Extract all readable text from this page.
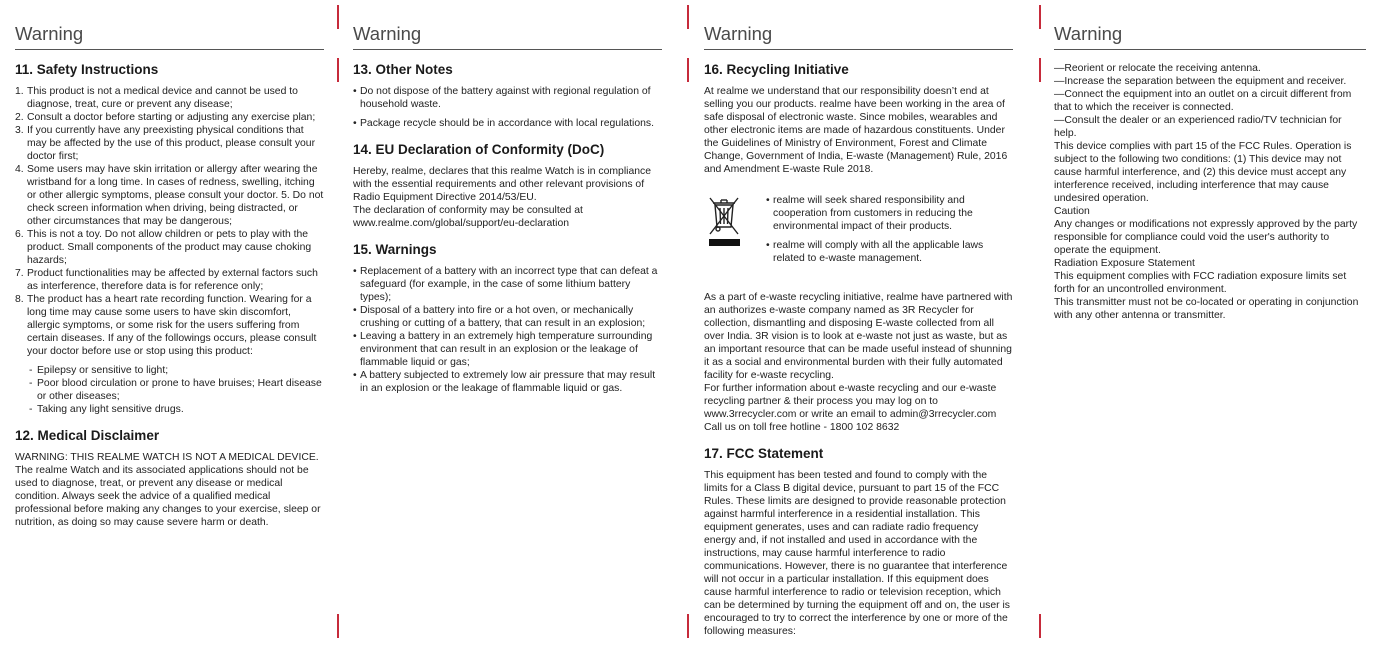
Warning
11. Safety Instructions
1. This product is not a medical device and cannot be used to diagnose, treat, cure or prevent any disease;
2. Consult a doctor before starting or adjusting any exercise plan;
3. If you currently have any preexisting physical conditions that may be affected by the use of this product, please consult your doctor first;
4. Some users may have skin irritation or allergy after wearing the wristband for a long time. In cases of redness, swelling, itching or other allergic symptoms, please consult your doctor. 5. Do not check screen information when driving, being distracted, or other circumstances that may be dangerous;
6. This is not a toy. Do not allow children or pets to play with the product. Small components of the product may cause choking hazards;
7. Product functionalities may be affected by external factors such as interference, therefore data is for reference only;
8. The product has a heart rate recording function. Wearing for a long time may cause some users to have skin discomfort, allergic symptoms, or some risk for the users suffering from certain diseases. If any of the followings occurs, please consult your doctor before use or stop using this product:
- Epilepsy or sensitive to light;
- Poor blood circulation or prone to have bruises; Heart disease or other diseases;
- Taking any light sensitive drugs.
12. Medical Disclaimer

WARNING: THIS REALME WATCH IS NOT A MEDICAL DEVICE. The realme Watch and its associated applications should not be used to diagnose, treat, or prevent any disease or medical condition. Always seek the advice of a qualified medical professional before making any changes to your exercise, sleep or nutrition, as doing so may cause severe harm or death.

Warning
13. Other Notes
• Do not dispose of the battery against with regional regulation of household waste.
• Package recycle should be in accordance with local regulations.
14. EU Declaration of Conformity (DoC)

Hereby, realme, declares that this realme Watch is in compliance with the essential requirements and other relevant provisions of Radio Equipment Directive 2014/53/EU.

The declaration of conformity may be consulted at www.realme.com/global/support/eu-declaration

15. Warnings
• Replacement of a battery with an incorrect type that can defeat a safeguard (for example, in the case of some lithium battery types);
• Disposal of a battery into fire or a hot oven, or mechanically crushing or cutting of a battery, that can result in an explosion;
• Leaving a battery in an extremely high temperature surrounding environment that can result in an explosion or the leakage of flammable liquid or gas;
• A battery subjected to extremely low air pressure that may result in an explosion or the leakage of flammable liquid or gas.
Warning
16. Recycling Initiative

At realme we understand that our responsibility doesn’t end at selling you our products. realme have been working in the area of safe disposal of electronic waste. Since mobiles, wearables and other electronic items are made of hazardous constituents. Under the Guidelines of Ministry of Environment, Forest and Climate Change, Government of India, E-waste (Management) Rule, 2016 and Amendment E-waste Rule 2018.

• realme will seek shared responsibility and cooperation from customers in reducing the environmental impact of their products.
• realme will comply with all the applicable laws related to e-waste management.

As a part of e-waste recycling initiative, realme have partnered with an authorizes e-waste company named as 3R Recycler for collection, dismantling and disposing E-waste collected from all over India. 3R vision is to look at e-waste not just as waste, but as an important resource that can be made useful instead of shunning it as a social and environmental burden with their fully automated facility for e-waste recycling.

For further information about e-waste recycling and our e-waste recycling partner & their process you may log on to www.3rrecycler.com or write an email to admin@3rrecycler.com Call us on toll free hotline - 1800 102 8632

17. FCC Statement

This equipment has been tested and found to comply with the limits for a Class B digital device, pursuant to part 15 of the FCC Rules. These limits are designed to provide reasonable protection against harmful interference in a residential installation. This equipment generates, uses and can radiate radio frequency energy and, if not installed and used in accordance with the instructions, may cause harmful interference to radio communications. However, there is no guarantee that interference will not occur in a particular installation. If this equipment does cause harmful interference to radio or television reception, which can be determined by turning the equipment off and on, the user is encouraged to try to correct the interference by one or more of the following measures:

Warning

—Reorient or relocate the receiving antenna.

—Increase the separation between the equipment and receiver.

—Connect the equipment into an outlet on a circuit different from that to which the receiver is connected.

—Consult the dealer or an experienced radio/TV technician for help.

This device complies with part 15 of the FCC Rules. Operation is subject to the following two conditions: (1) This device may not cause harmful interference, and (2) this device must accept any interference received, including interference that may cause undesired operation.

Caution

Any changes or modifications not expressly approved by the party responsible for compliance could void the user's authority to operate the equipment.

Radiation Exposure Statement

This equipment complies with FCC radiation exposure limits set forth for an uncontrolled environment.

This transmitter must not be co-located or operating in conjunction with any other antenna or transmitter.
